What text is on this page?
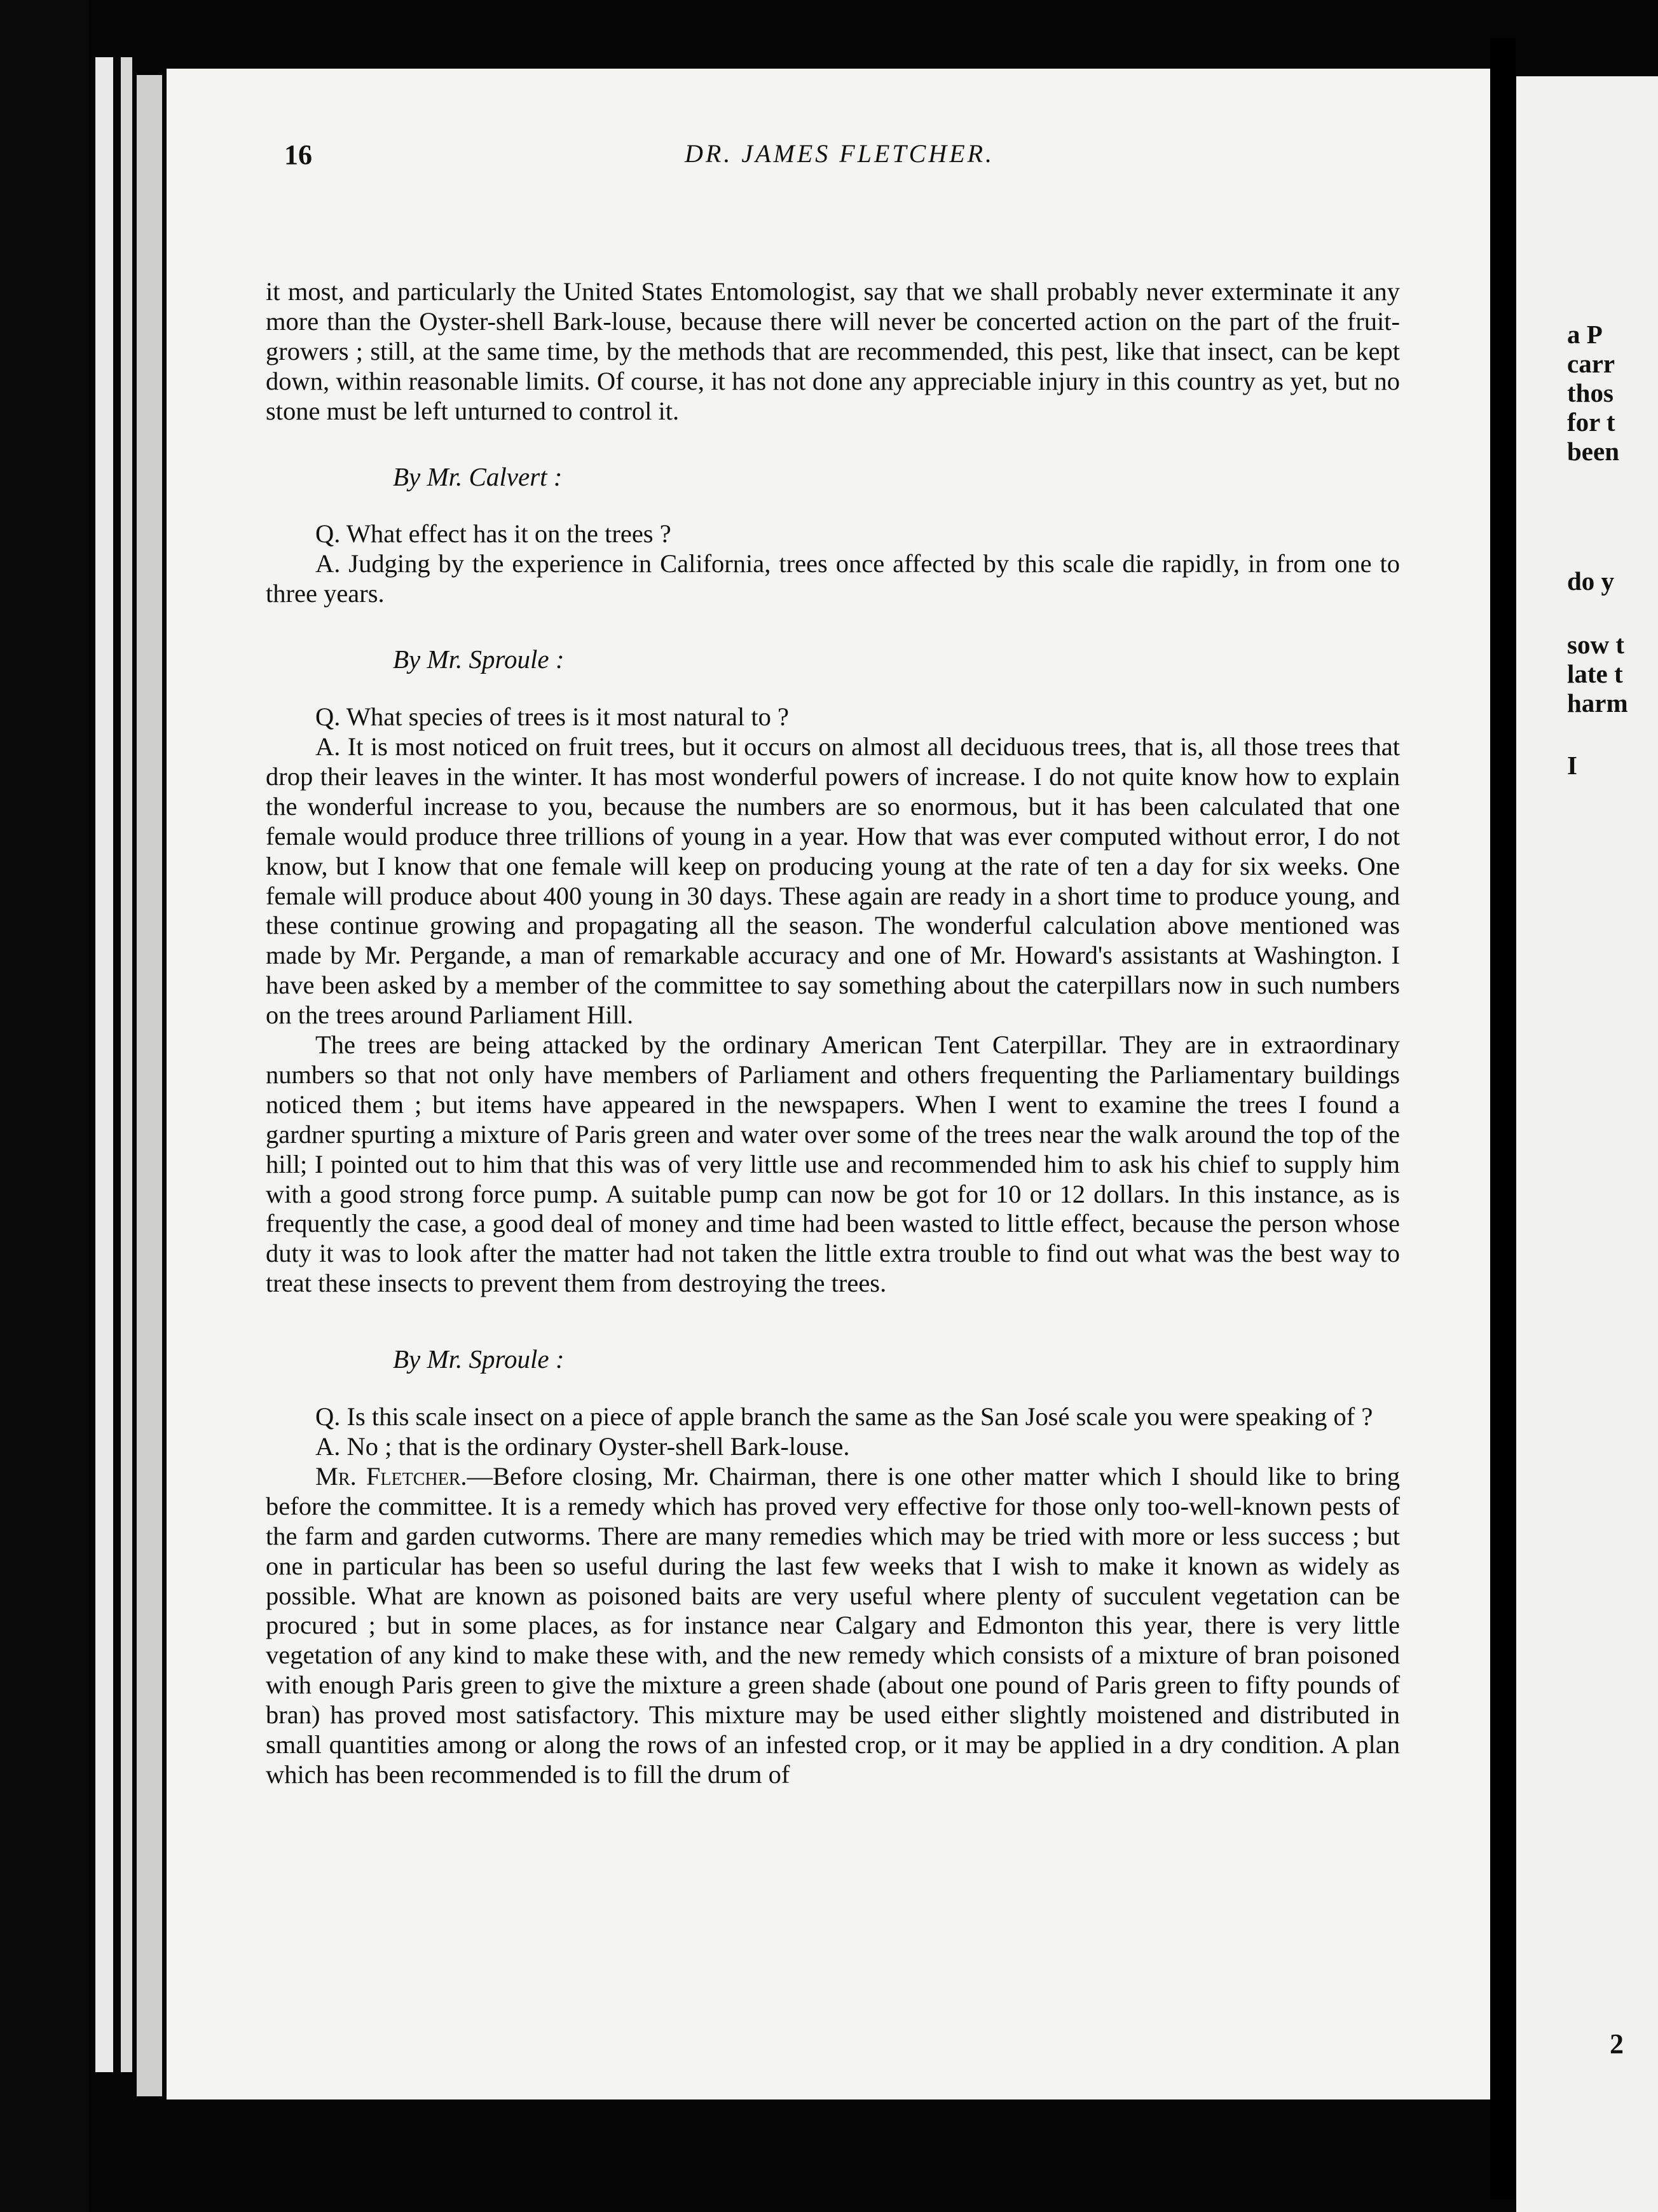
16	DR. JAMES FLETCHER.

it most, and particularly the United States Entomologist, say that we shall probably never exterminate it any more than the Oyster-shell Bark-louse, because there will never be concerted action on the part of the fruit-growers ; still, at the same time, by the methods that are recommended, this pest, like that insect, can be kept down, within reasonable limits. Of course, it has not done any appreciable injury in this country as yet, but no stone must be left unturned to control it.

By Mr. Calvert :

Q. What effect has it on the trees ?

A. Judging by the experience in California, trees once affected by this scale die rapidly, in from one to three years.

By Mr. Sproule :

Q. What species of trees is it most natural to ?

A. It is most noticed on fruit trees, but it occurs on almost all deciduous trees, that is, all those trees that drop their leaves in the winter. It has most wonderful powers of increase. I do not quite know how to explain the wonderful increase to you, because the numbers are so enormous, but it has been calculated that one female would produce three trillions of young in a year. How that was ever computed without error, I do not know, but I know that one female will keep on producing young at the rate of ten a day for six weeks. One female will produce about 400 young in 30 days. These again are ready in a short time to produce young, and these continue growing and propagating all the season. The wonderful calculation above mentioned was made by Mr. Pergande, a man of remarkable accuracy and one of Mr. Howard's assistants at Washington. I have been asked by a member of the committee to say something about the caterpillars now in such numbers on the trees around Parliament Hill.

The trees are being attacked by the ordinary American Tent Caterpillar. They are in extraordinary numbers so that not only have members of Parliament and others frequenting the Parliamentary buildings noticed them ; but items have appeared in the newspapers. When I went to examine the trees I found a gardner spurting a mixture of Paris green and water over some of the trees near the walk around the top of the hill; I pointed out to him that this was of very little use and recommended him to ask his chief to supply him with a good strong force pump. A suitable pump can now be got for 10 or 12 dollars. In this instance, as is frequently the case, a good deal of money and time had been wasted to little effect, because the person whose duty it was to look after the matter had not taken the little extra trouble to find out what was the best way to treat these insects to prevent them from destroying the trees.

By Mr. Sproule :

Q. Is this scale insect on a piece of apple branch the same as the San José scale you were speaking of ?

A. No ; that is the ordinary Oyster-shell Bark-louse.

Mr. Fletcher.—Before closing, Mr. Chairman, there is one other matter which I should like to bring before the committee. It is a remedy which has proved very effective for those only too-well-known pests of the farm and garden cutworms. There are many remedies which may be tried with more or less success ; but one in particular has been so useful during the last few weeks that I wish to make it known as widely as possible. What are known as poisoned baits are very useful where plenty of succulent vegetation can be procured ; but in some places, as for instance near Calgary and Edmonton this year, there is very little vegetation of any kind to make these with, and the new remedy which consists of a mixture of bran poisoned with enough Paris green to give the mixture a green shade (about one pound of Paris green to fifty pounds of bran) has proved most satisfactory. This mixture may be used either slightly moistened and distributed in small quantities among or along the rows of an infested crop, or it may be applied in a dry condition. A plan which has been recommended is to fill the drum of

a P
carr
thos
for t
been
do y
sow t
late t
harm
I
2
